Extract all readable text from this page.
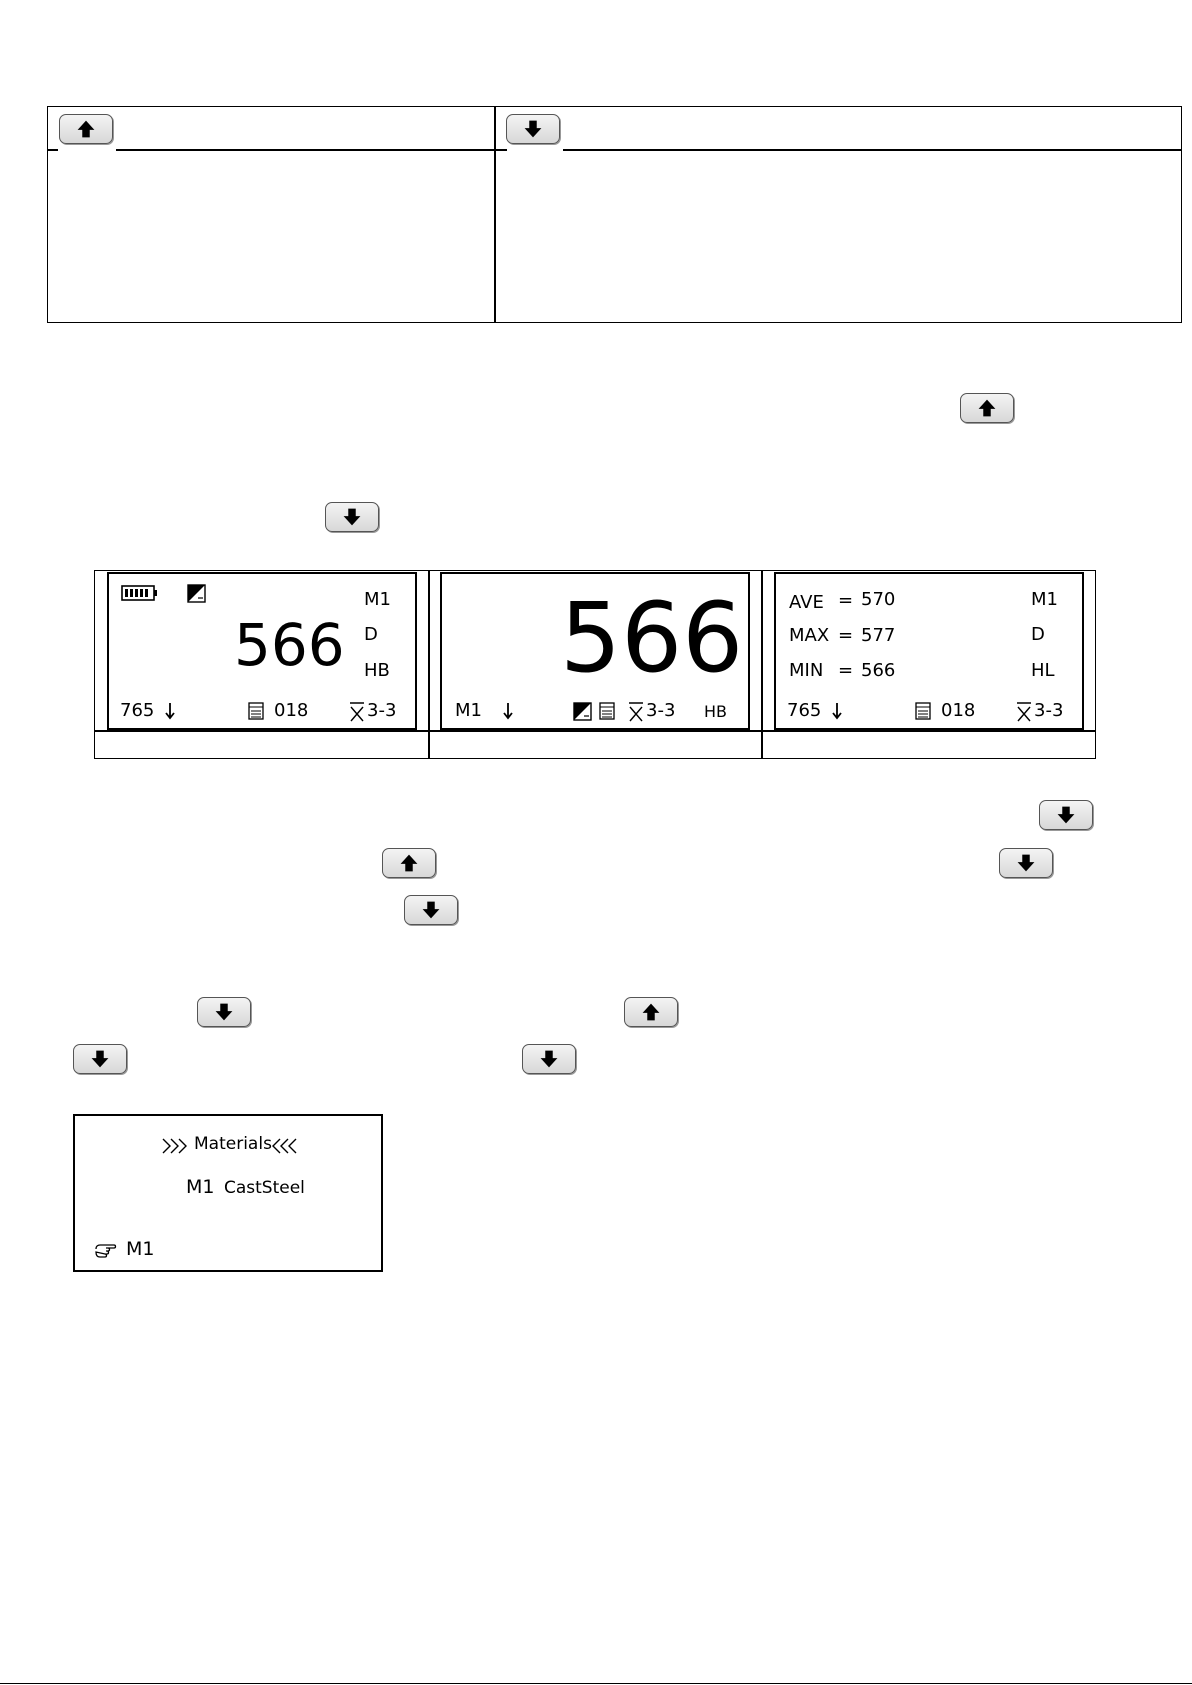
M1
D
HB
566
765	018	3-3
566
M1	3-3 HB
AVE = 570
MAX = 577
MIN = 566
M1
D
HL
765	018	3-3
Materials
M1 CastSteel
M1
